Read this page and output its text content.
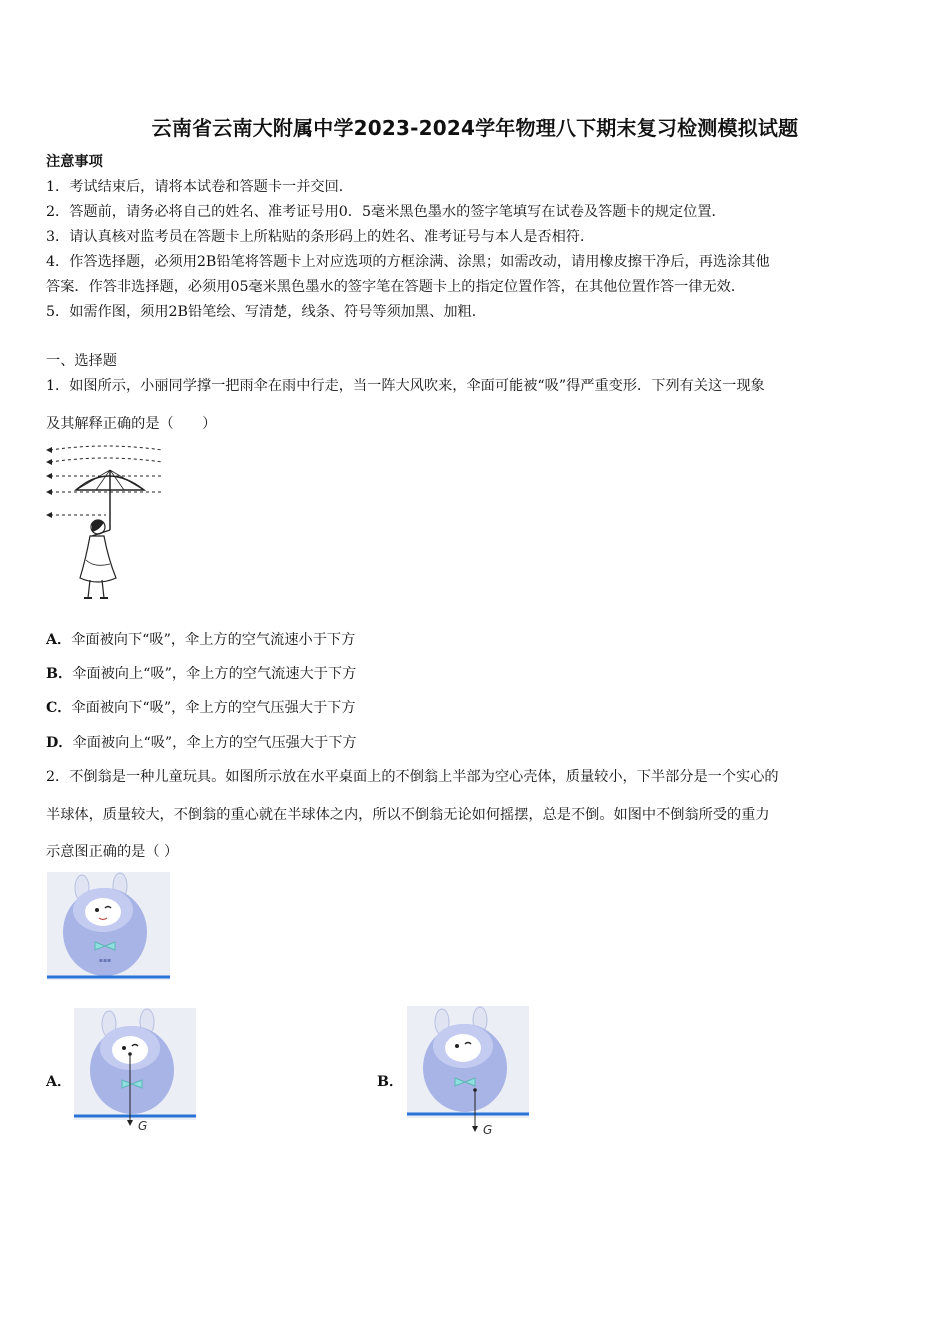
云南省云南大附属中学2023-2024学年物理八下期末复习检测模拟试题
注意事项
1．考试结束后，请将本试卷和答题卡一并交回．
2．答题前，请务必将自己的姓名、准考证号用0．5毫米黑色墨水的签字笔填写在试卷及答题卡的规定位置．
3．请认真核对监考员在答题卡上所粘贴的条形码上的姓名、准考证号与本人是否相符．
4．作答选择题，必须用2B铅笔将答题卡上对应选项的方框涂满、涂黑；如需改动，请用橡皮擦干净后，再选涂其他
答案．作答非选择题，必须用05毫米黑色墨水的签字笔在答题卡上的指定位置作答，在其他位置作答一律无效．
5．如需作图，须用2B铅笔绘、写清楚，线条、符号等须加黑、加粗．
一、选择题
1．如图所示，小丽同学撑一把雨伞在雨中行走，当一阵大风吹来，伞面可能被“吸”得严重变形．下列有关这一现象
及其解释正确的是（　　）
A．伞面被向下“吸”，伞上方的空气流速小于下方
B．伞面被向上“吸”，伞上方的空气流速大于下方
C．伞面被向下“吸”，伞上方的空气压强大于下方
D．伞面被向上“吸”，伞上方的空气压强大于下方
2．不倒翁是一种儿童玩具。如图所示放在水平桌面上的不倒翁上半部为空心壳体，质量较小，下半部分是一个实心的
半球体，质量较大，不倒翁的重心就在半球体之内，所以不倒翁无论如何摇摆，总是不倒。如图中不倒翁所受的重力
示意图正确的是（ ）
▪▪▪
A．
G
B．
G
